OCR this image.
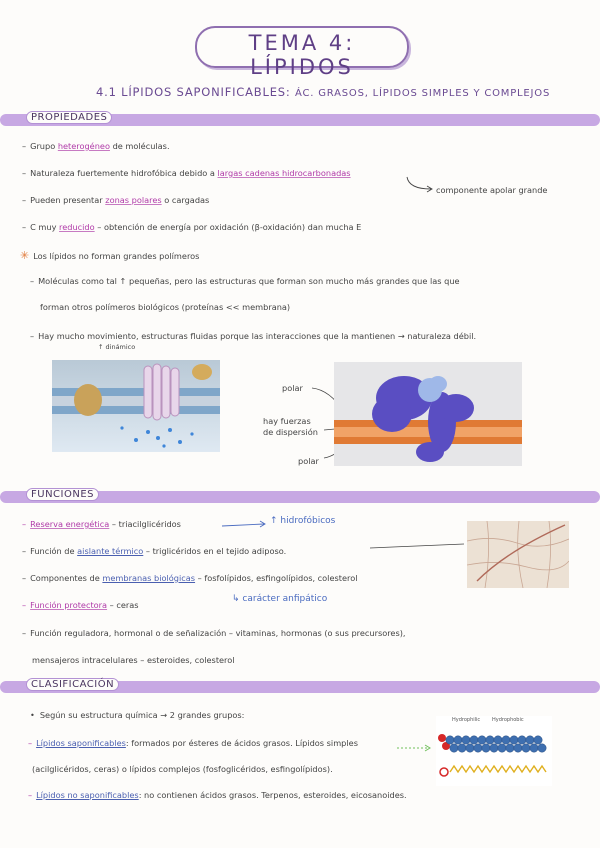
TEMA 4: LÍPIDOS
4.1 LÍPIDOS SAPONIFICABLES: ÁC. GRASOS, LÍPIDOS SIMPLES Y COMPLEJOS
PROPIEDADES
– Grupo heterogéneo de moléculas.
– Naturaleza fuertemente hidrofóbica debido a largas cadenas hidrocarbonadas
componente apolar grande
– Pueden presentar zonas polares o cargadas
– C muy reducido – obtención de energía por oxidación (β-oxidación) dan mucha E
✳ Los lípidos no forman grandes polímeros
– Moléculas como tal ↑ pequeñas, pero las estructuras que forman son mucho más grandes que las que
forman otros polímeros biológicos (proteínas << membrana)
– Hay mucho movimiento, estructuras fluidas porque las interacciones que la mantienen → naturaleza débil.
↑ dinámico
polar
hay fuerzas de dispersión
polar
FUNCIONES
– Reserva energética – triacilglicéridos	↑ hidrofóbicos
– Función de aislante térmico – triglicéridos en el tejido adiposo.
– Componentes de membranas biológicas – fosfolípidos, esfingolípidos, colesterol
↳ carácter anfipático
– Función protectora – ceras
– Función reguladora, hormonal o de señalización – vitaminas, hormonas (o sus precursores),
mensajeros intracelulares – esteroides, colesterol
CLASIFICACIÓN
• Según su estructura química → 2 grandes grupos:
– Lípidos saponificables: formados por ésteres de ácidos grasos. Lípidos simples
(acilglicéridos, ceras) o lípidos complejos (fosfoglicéridos, esfingolípidos).
Hydrophilic Hydrophobic
– Lípidos no saponificables: no contienen ácidos grasos. Terpenos, esteroides, eicosanoides.
